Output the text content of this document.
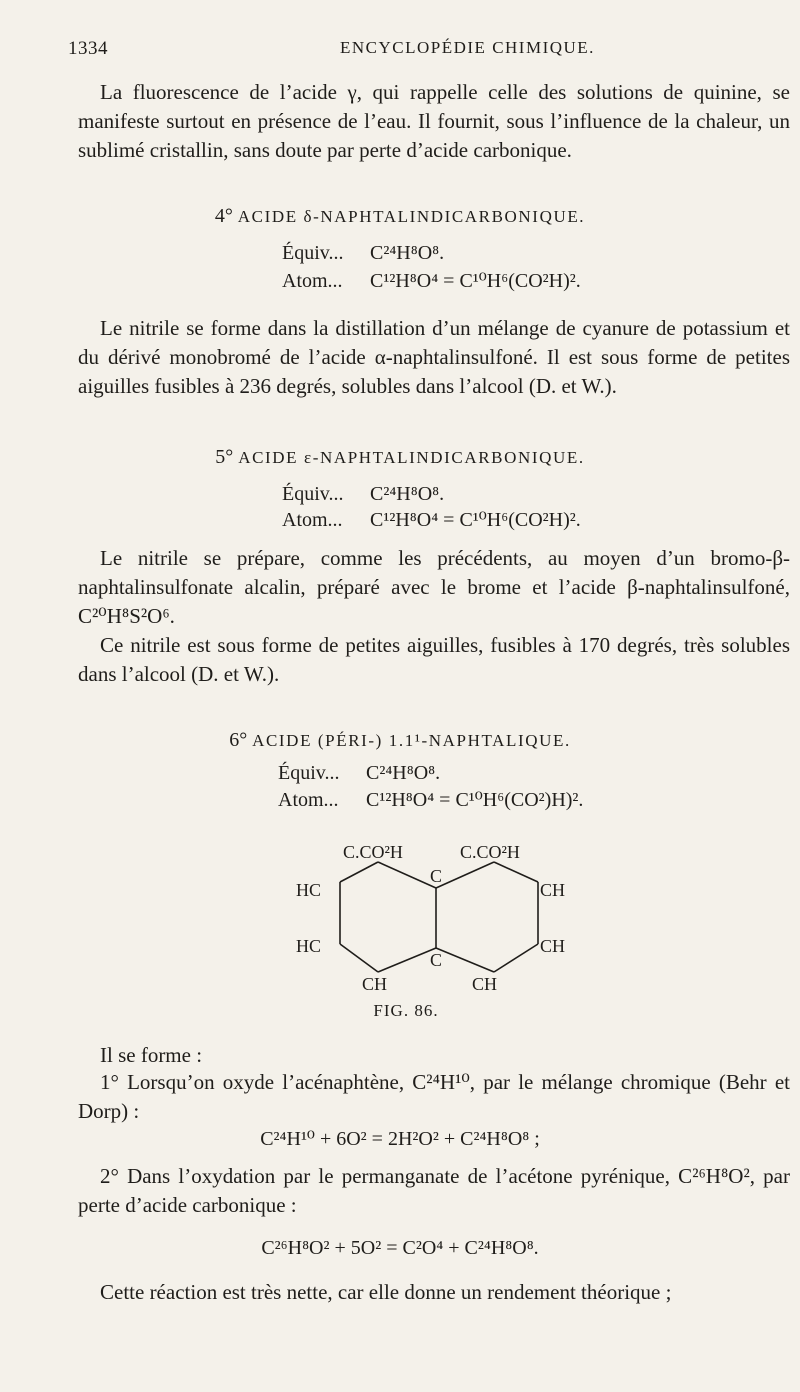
1334	ENCYCLOPÉDIE CHIMIQUE.
La fluorescence de l’acide γ, qui rappelle celle des solutions de quinine, se manifeste surtout en présence de l’eau. Il fournit, sous l’influence de la chaleur, un sublimé cristallin, sans doute par perte d’acide carbonique.
4° ACIDE δ-NAPHTALINDICARBONIQUE.
Équiv... C²⁴H⁸O⁸.
Atom... C¹²H⁸O⁴ = C¹⁰H⁶(CO²H)².
Le nitrile se forme dans la distillation d’un mélange de cyanure de potassium et du dérivé monobromé de l’acide α-naphtalinsulfoné. Il est sous forme de petites aiguilles fusibles à 236 degrés, solubles dans l’alcool (D. et W.).
5° ACIDE ε-NAPHTALINDICARBONIQUE.
Équiv... C²⁴H⁸O⁸.
Atom... C¹²H⁸O⁴ = C¹⁰H⁶(CO²H)².
Le nitrile se prépare, comme les précédents, au moyen d’un bromo-β-naphtalinsulfonate alcalin, préparé avec le brome et l’acide β-naphtalinsulfoné, C²⁰H⁸S²O⁶.
Ce nitrile est sous forme de petites aiguilles, fusibles à 170 degrés, très solubles dans l’alcool (D. et W.).
6° ACIDE (PÉRI-) 1.1¹-NAPHTALIQUE.
Équiv... C²⁴H⁸O⁸.
Atom... C¹²H⁸O⁴ = C¹⁰H⁶(CO²)H)².
C.CO²H	C.CO²H
C
C
HC
HC
CH
CH
CH	CH
FIG. 86.
Il se forme :
1° Lorsqu’on oxyde l’acénaphtène, C²⁴H¹⁰, par le mélange chromique (Behr et Dorp) :
C²⁴H¹⁰ + 6O² = 2H²O² + C²⁴H⁸O⁸ ;
2° Dans l’oxydation par le permanganate de l’acétone pyrénique, C²⁶H⁸O², par perte d’acide carbonique :
C²⁶H⁸O² + 5O² = C²O⁴ + C²⁴H⁸O⁸.
Cette réaction est très nette, car elle donne un rendement théorique ;
